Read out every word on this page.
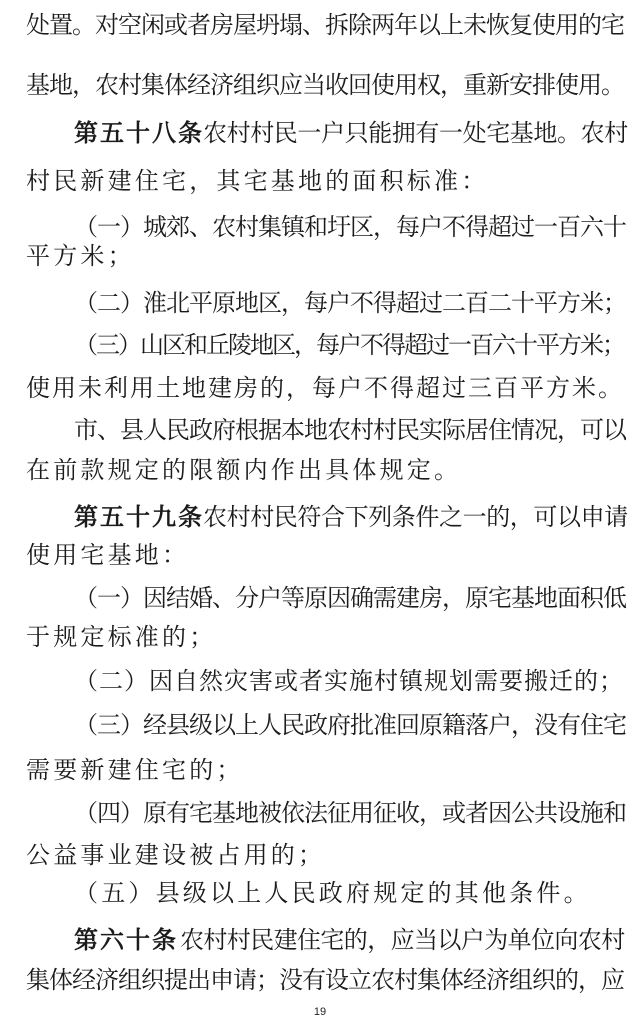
处置。对空闲或者房屋坍塌、拆除两年以上未恢复使用的宅
基地，农村集体经济组织应当收回使用权，重新安排使用。
第五十八条 农村村民一户只能拥有一处宅基地。农村
村民新建住宅，其宅基地的面积标准：
（一）城郊、农村集镇和圩区，每户不得超过一百六十
平方米；
（二）淮北平原地区，每户不得超过二百二十平方米；
（三）山区和丘陵地区，每户不得超过一百六十平方米；
使用未利用土地建房的，每户不得超过三百平方米。
市、县人民政府根据本地农村村民实际居住情况，可以
在前款规定的限额内作出具体规定。
第五十九条 农村村民符合下列条件之一的，可以申请
使用宅基地：
（一）因结婚、分户等原因确需建房，原宅基地面积低
于规定标准的；
（二）因自然灾害或者实施村镇规划需要搬迁的；
（三）经县级以上人民政府批准回原籍落户，没有住宅
需要新建住宅的；
（四）原有宅基地被依法征用征收，或者因公共设施和
公益事业建设被占用的；
（五）县级以上人民政府规定的其他条件。
第六十条 农村村民建住宅的，应当以户为单位向农村
集体经济组织提出申请；没有设立农村集体经济组织的，应
19
